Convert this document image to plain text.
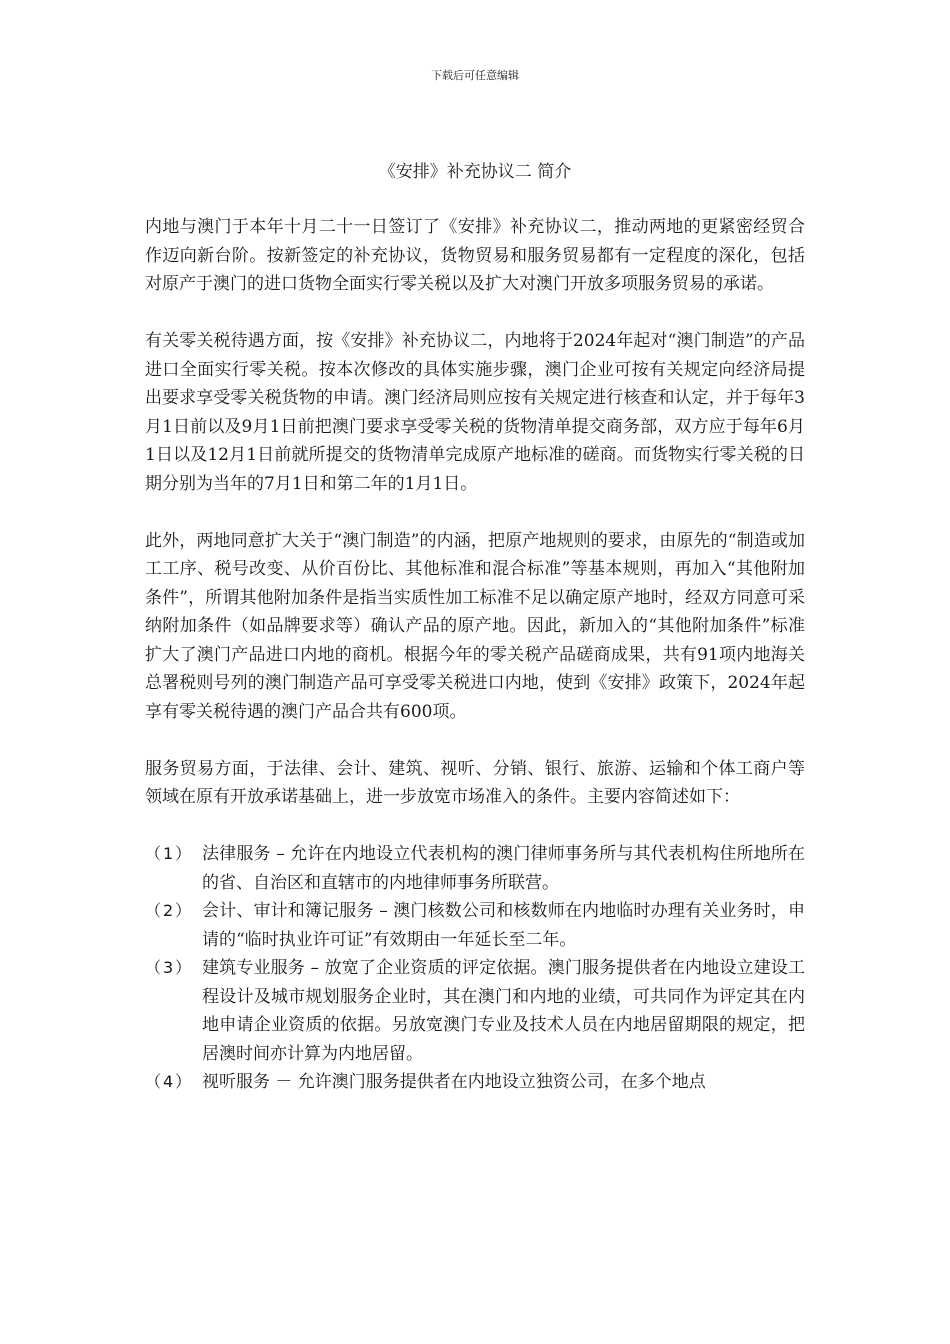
下载后可任意编辑
《安排》补充协议二 简介

内地与澳门于本年十月二十一日签订了《安排》补充协议二，推动两地的更紧密经贸合作迈向新台阶。按新签定的补充协议，货物贸易和服务贸易都有一定程度的深化，包括对原产于澳门的进口货物全面实行零关税以及扩大对澳门开放多项服务贸易的承诺。

有关零关税待遇方面，按《安排》补充协议二，内地将于2024年起对“澳门制造”的产品进口全面实行零关税。按本次修改的具体实施步骤，澳门企业可按有关规定向经济局提出要求享受零关税货物的申请。澳门经济局则应按有关规定进行核查和认定，并于每年3月1日前以及9月1日前把澳门要求享受零关税的货物清单提交商务部，双方应于每年6月1日以及12月1日前就所提交的货物清单完成原产地标准的磋商。而货物实行零关税的日期分别为当年的7月1日和第二年的1月1日。

此外，两地同意扩大关于“澳门制造”的内涵，把原产地规则的要求，由原先的“制造或加工工序、税号改变、从价百份比、其他标准和混合标准”等基本规则，再加入“其他附加条件”，所谓其他附加条件是指当实质性加工标准不足以确定原产地时，经双方同意可采纳附加条件（如品牌要求等）确认产品的原产地。因此，新加入的“其他附加条件”标准扩大了澳门产品进口内地的商机。根据今年的零关税产品磋商成果，共有91项内地海关总署税则号列的澳门制造产品可享受零关税进口内地，使到《安排》政策下，2024年起享有零关税待遇的澳门产品合共有600项。

服务贸易方面，于法律、会计、建筑、视听、分销、银行、旅游、运输和个体工商户等领域在原有开放承诺基础上，进一步放宽市场准入的条件。主要内容简述如下：

（1） 法律服务 – 允许在内地设立代表机构的澳门律师事务所与其代表机构住所地所在的省、自治区和直辖市的内地律师事务所联营。
（2） 会计、审计和簿记服务 – 澳门核数公司和核数师在内地临时办理有关业务时，申请的“临时执业许可证”有效期由一年延长至二年。
（3） 建筑专业服务 – 放宽了企业资质的评定依据。澳门服务提供者在内地设立建设工程设计及城市规划服务企业时，其在澳门和内地的业绩，可共同作为评定其在内地申请企业资质的依据。另放宽澳门专业及技术人员在内地居留期限的规定，把居澳时间亦计算为内地居留。
（4） 视听服务 － 允许澳门服务提供者在内地设立独资公司，在多个地点
